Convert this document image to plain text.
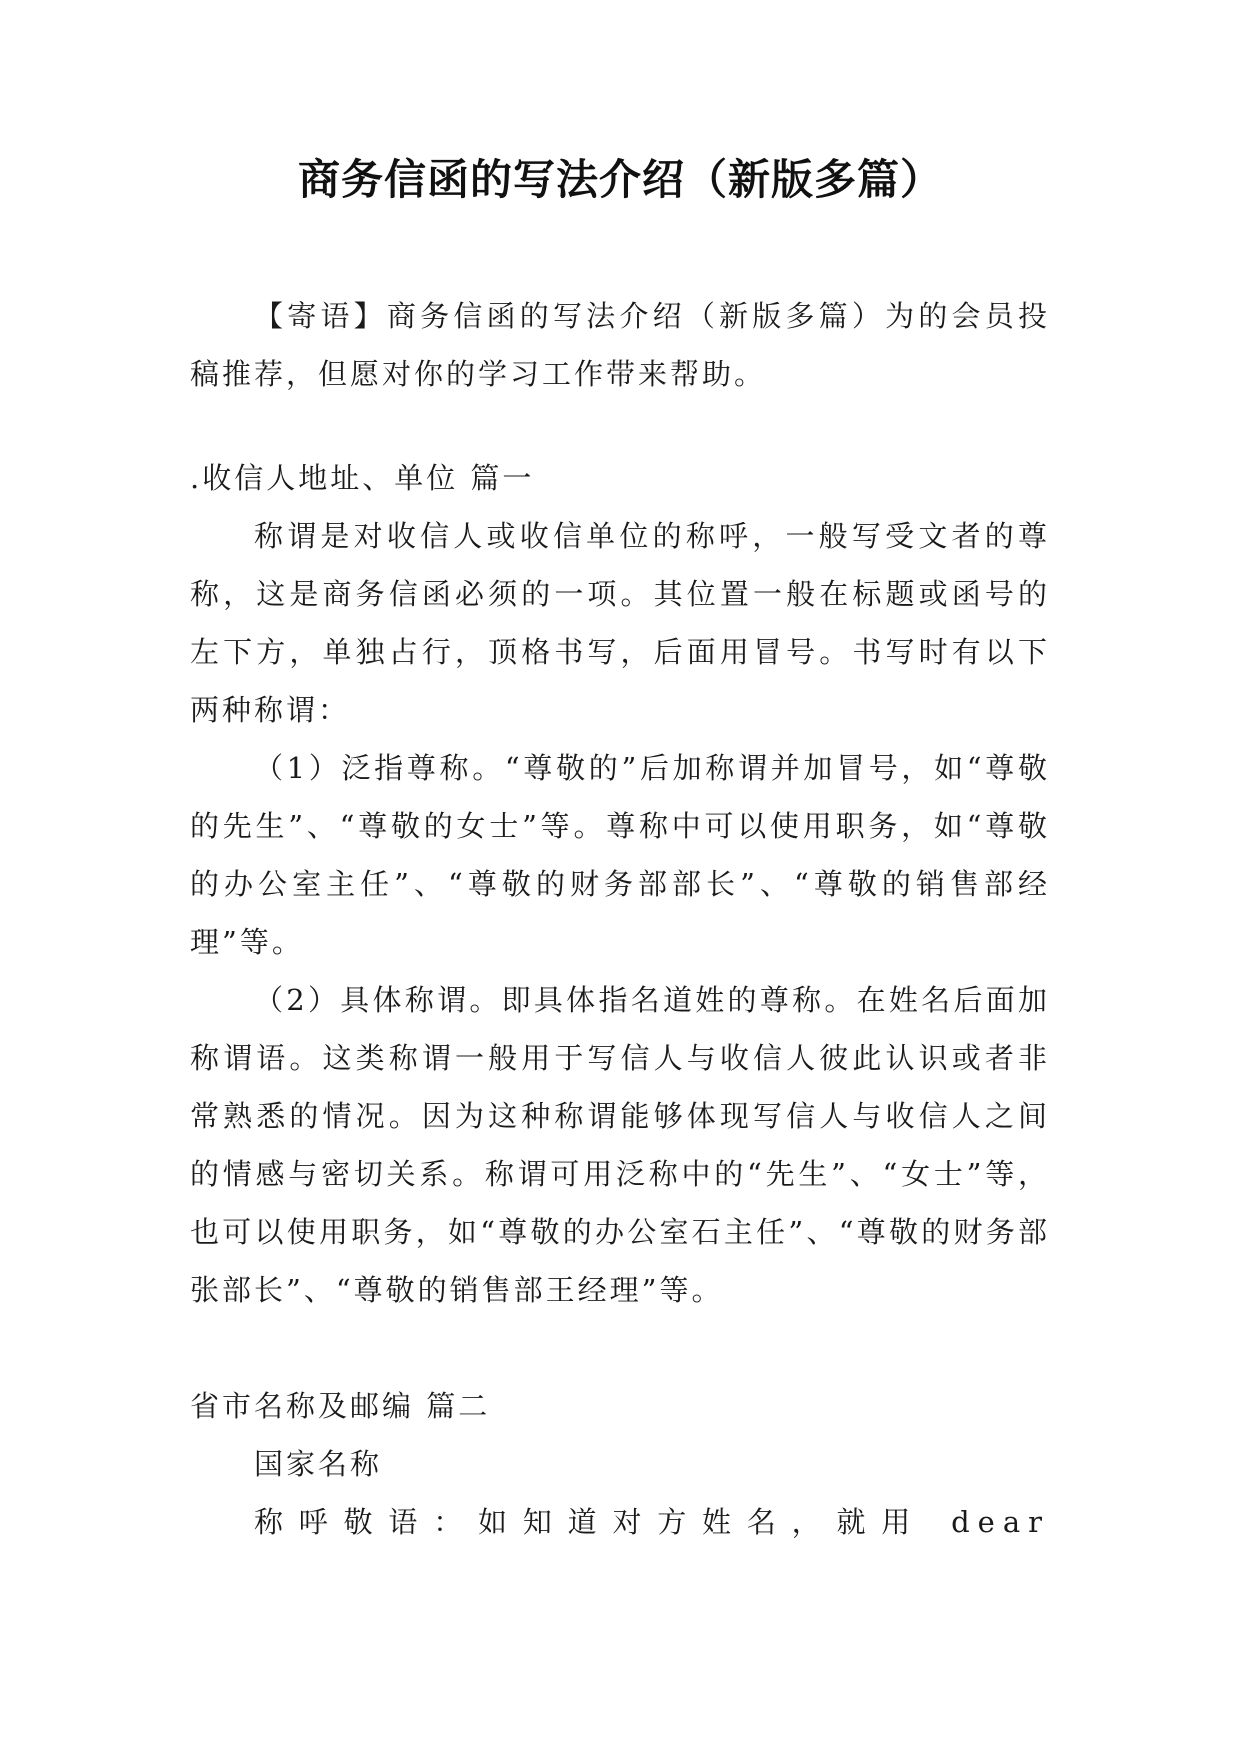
商务信函的写法介绍（新版多篇）

【寄语】商务信函的写法介绍（新版多篇）为的会员投稿推荐，但愿对你的学习工作带来帮助。

.收信人地址、单位 篇一

称谓是对收信人或收信单位的称呼，一般写受文者的尊称，这是商务信函必须的一项。其位置一般在标题或函号的左下方，单独占行，顶格书写，后面用冒号。书写时有以下两种称谓：

（1）泛指尊称。“尊敬的”后加称谓并加冒号，如“尊敬的先生”、“尊敬的女士”等。尊称中可以使用职务，如“尊敬的办公室主任”、“尊敬的财务部部长”、“尊敬的销售部经理”等。

（2）具体称谓。即具体指名道姓的尊称。在姓名后面加称谓语。这类称谓一般用于写信人与收信人彼此认识或者非常熟悉的情况。因为这种称谓能够体现写信人与收信人之间的情感与密切关系。称谓可用泛称中的“先生”、“女士”等，也可以使用职务，如“尊敬的办公室石主任”、“尊敬的财务部张部长”、“尊敬的销售部王经理”等。

省市名称及邮编 篇二

国家名称

称呼敬语：如知道对方姓名，就用 dear
